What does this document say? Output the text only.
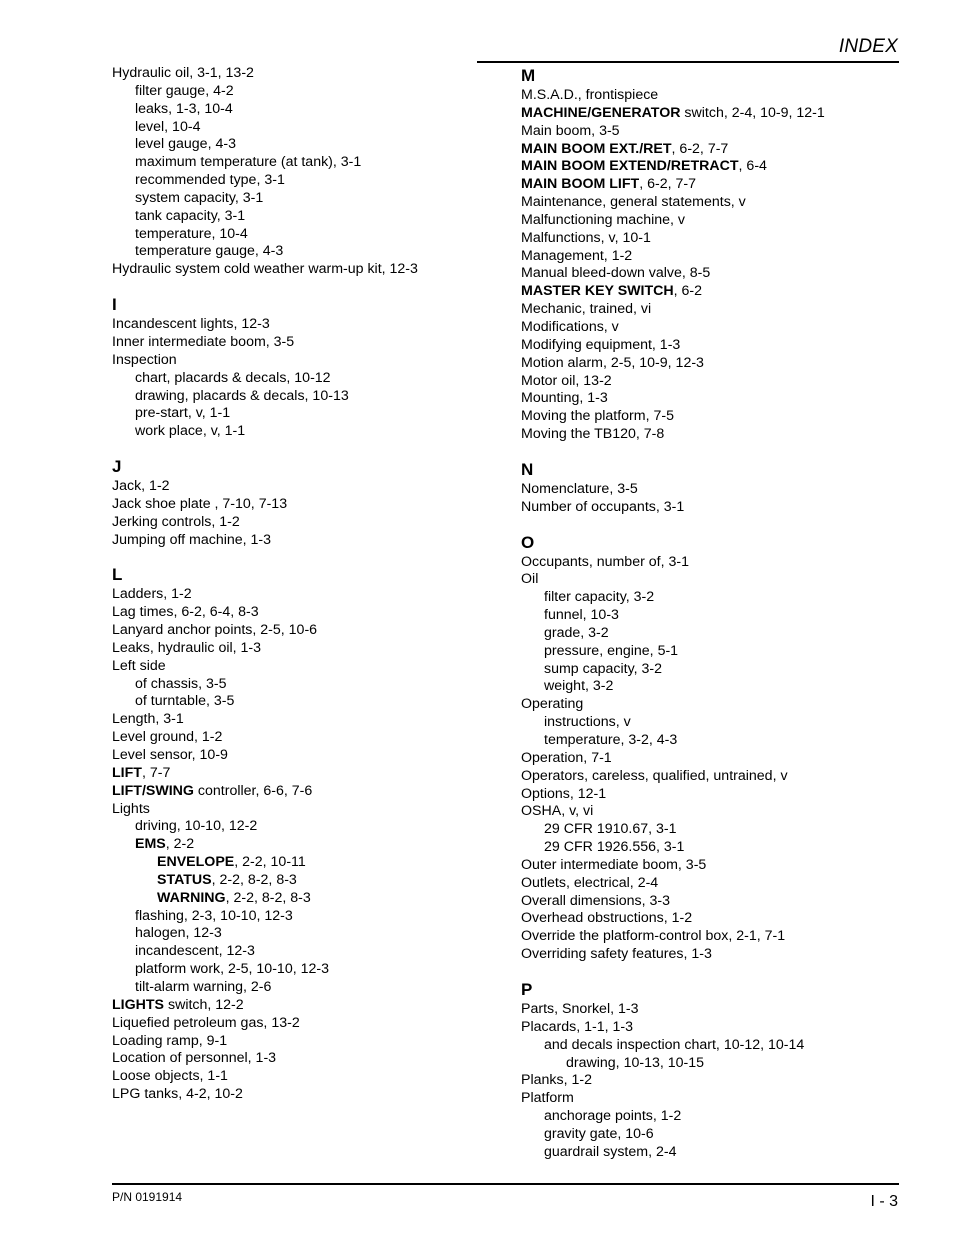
INDEX
Hydraulic oil, 3-1, 13-2
filter gauge, 4-2
leaks, 1-3, 10-4
level, 10-4
level gauge, 4-3
maximum temperature (at tank), 3-1
recommended type, 3-1
system capacity, 3-1
tank capacity, 3-1
temperature, 10-4
temperature gauge, 4-3
Hydraulic system cold weather warm-up kit, 12-3
I
Incandescent lights, 12-3
Inner intermediate boom, 3-5
Inspection
chart, placards & decals, 10-12
drawing, placards & decals, 10-13
pre-start, v, 1-1
work place, v, 1-1
J
Jack, 1-2
Jack shoe plate , 7-10, 7-13
Jerking controls, 1-2
Jumping off machine, 1-3
L
Ladders, 1-2
Lag times, 6-2, 6-4, 8-3
Lanyard anchor points, 2-5, 10-6
Leaks, hydraulic oil, 1-3
Left side
of chassis, 3-5
of turntable, 3-5
Length, 3-1
Level ground, 1-2
Level sensor, 10-9
LIFT, 7-7
LIFT/SWING controller, 6-6, 7-6
Lights
driving, 10-10, 12-2
EMS, 2-2
ENVELOPE, 2-2, 10-11
STATUS, 2-2, 8-2, 8-3
WARNING, 2-2, 8-2, 8-3
flashing, 2-3, 10-10, 12-3
halogen, 12-3
incandescent, 12-3
platform work, 2-5, 10-10, 12-3
tilt-alarm warning, 2-6
LIGHTS switch, 12-2
Liquefied petroleum gas, 13-2
Loading ramp, 9-1
Location of personnel, 1-3
Loose objects, 1-1
LPG tanks, 4-2, 10-2
M
M.S.A.D., frontispiece
MACHINE/GENERATOR switch, 2-4, 10-9, 12-1
Main boom, 3-5
MAIN BOOM EXT./RET, 6-2, 7-7
MAIN BOOM EXTEND/RETRACT, 6-4
MAIN BOOM LIFT, 6-2, 7-7
Maintenance, general statements, v
Malfunctioning machine, v
Malfunctions, v, 10-1
Management, 1-2
Manual bleed-down valve, 8-5
MASTER KEY SWITCH, 6-2
Mechanic, trained, vi
Modifications, v
Modifying equipment, 1-3
Motion alarm, 2-5, 10-9, 12-3
Motor oil, 13-2
Mounting, 1-3
Moving the platform, 7-5
Moving the TB120, 7-8
N
Nomenclature, 3-5
Number of occupants, 3-1
O
Occupants, number of, 3-1
Oil
filter capacity, 3-2
funnel, 10-3
grade, 3-2
pressure, engine, 5-1
sump capacity, 3-2
weight, 3-2
Operating
instructions, v
temperature, 3-2, 4-3
Operation, 7-1
Operators, careless, qualified, untrained, v
Options, 12-1
OSHA, v, vi
29 CFR 1910.67, 3-1
29 CFR 1926.556, 3-1
Outer intermediate boom, 3-5
Outlets, electrical, 2-4
Overall dimensions, 3-3
Overhead obstructions, 1-2
Override the platform-control box, 2-1, 7-1
Overriding safety features, 1-3
P
Parts, Snorkel, 1-3
Placards, 1-1, 1-3
and decals inspection chart, 10-12, 10-14
drawing, 10-13, 10-15
Planks, 1-2
Platform
anchorage points, 1-2
gravity gate, 10-6
guardrail system, 2-4
P/N 0191914	I - 3
